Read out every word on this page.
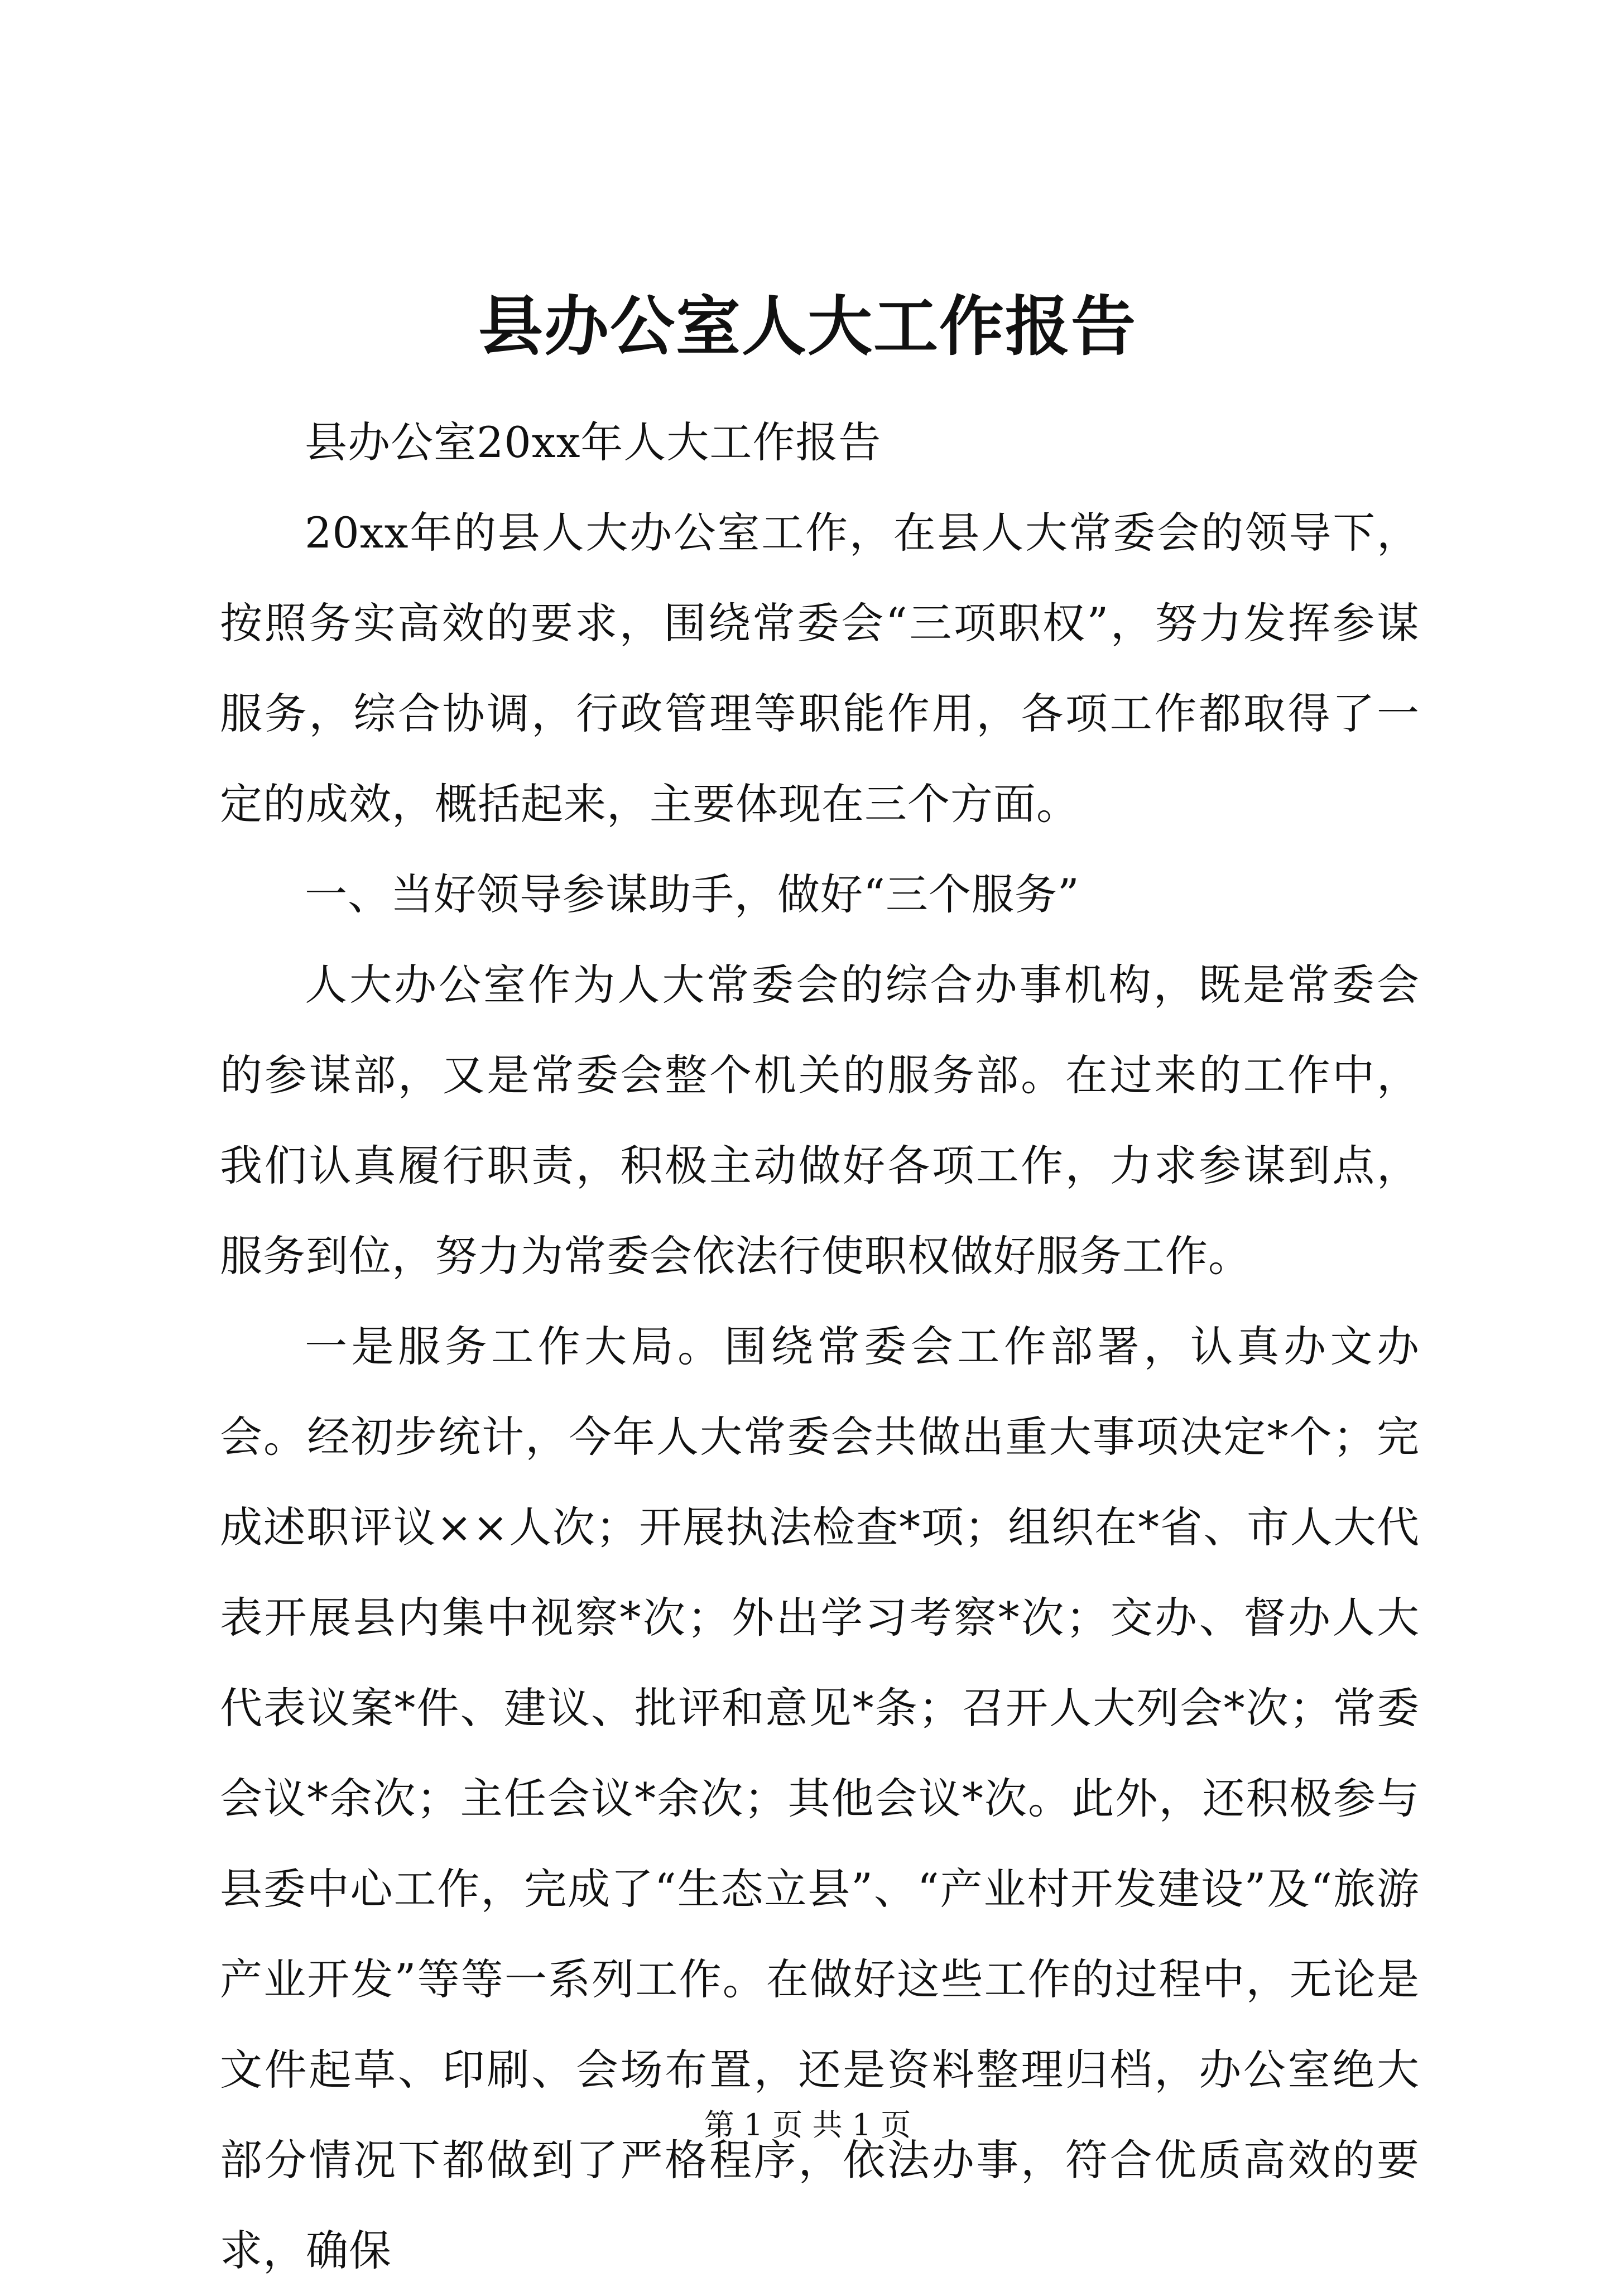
县办公室人大工作报告

县办公室20xx年人大工作报告

20xx年的县人大办公室工作，在县人大常委会的领导下，按照务实高效的要求，围绕常委会“三项职权”，努力发挥参谋服务，综合协调，行政管理等职能作用，各项工作都取得了一定的成效，概括起来，主要体现在三个方面。

一、当好领导参谋助手，做好“三个服务”

人大办公室作为人大常委会的综合办事机构，既是常委会的参谋部，又是常委会整个机关的服务部。在过来的工作中，我们认真履行职责，积极主动做好各项工作，力求参谋到点，服务到位，努力为常委会依法行使职权做好服务工作。

一是服务工作大局。围绕常委会工作部署，认真办文办会。经初步统计，今年人大常委会共做出重大事项决定*个；完成述职评议××人次；开展执法检查*项；组织在*省、市人大代表开展县内集中视察*次；外出学习考察*次；交办、督办人大代表议案*件、建议、批评和意见*条；召开人大列会*次；常委会议*余次；主任会议*余次；其他会议*次。此外，还积极参与县委中心工作，完成了“生态立县”、“产业村开发建设”及“旅游产业开发”等等一系列工作。在做好这些工作的过程中，无论是文件起草、印刷、会场布置，还是资料整理归档，办公室绝大部分情况下都做到了严格程序，依法办事，符合优质高效的要求，确保

第 1 页 共 1 页
